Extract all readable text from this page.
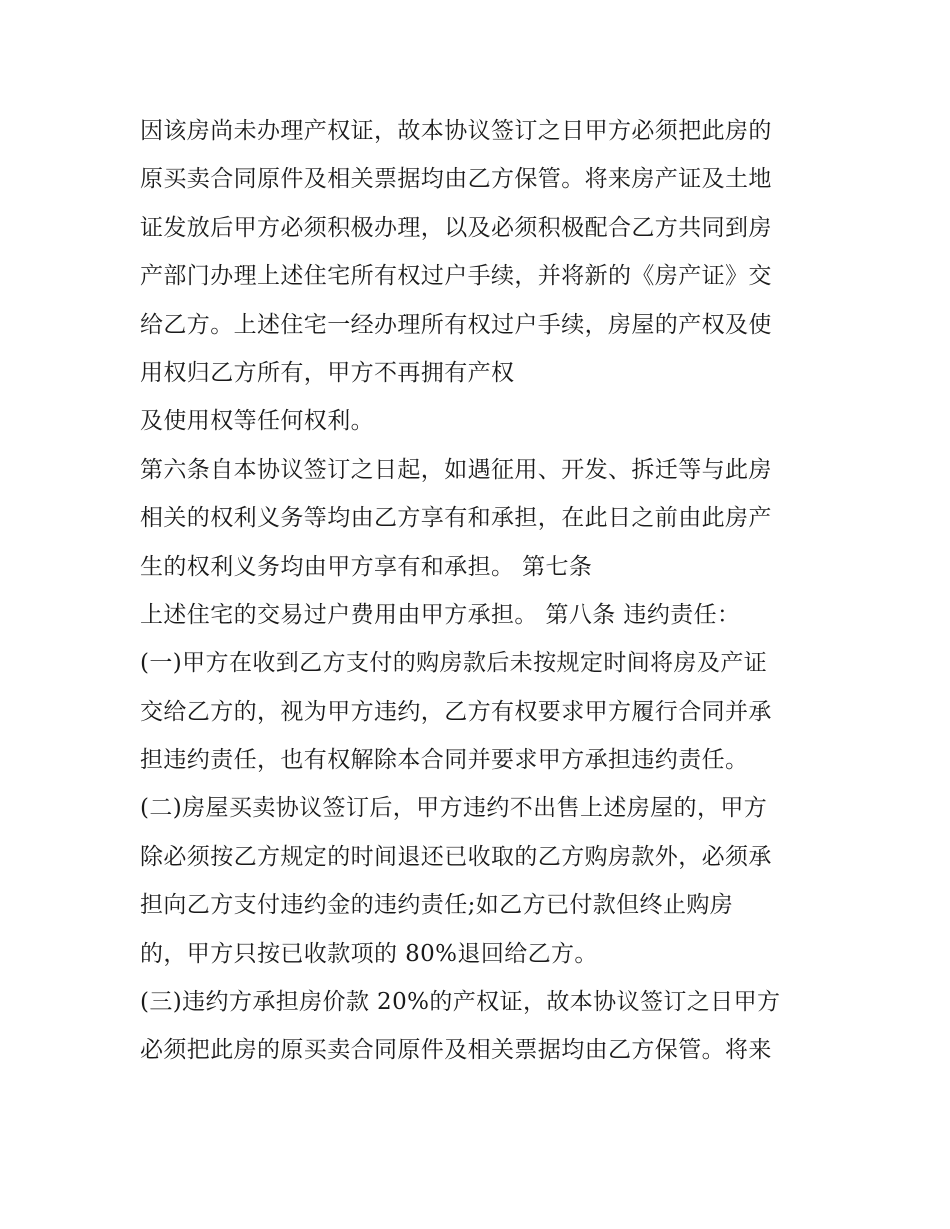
因该房尚未办理产权证，故本协议签订之日甲方必须把此房的
原买卖合同原件及相关票据均由乙方保管。将来房产证及土地
证发放后甲方必须积极办理，以及必须积极配合乙方共同到房
产部门办理上述住宅所有权过户手续，并将新的《房产证》交
给乙方。上述住宅一经办理所有权过户手续，房屋的产权及使
用权归乙方所有，甲方不再拥有产权
及使用权等任何权利。
第六条自本协议签订之日起，如遇征用、开发、拆迁等与此房
相关的权利义务等均由乙方享有和承担，在此日之前由此房产
生的权利义务均由甲方享有和承担。 第七条
上述住宅的交易过户费用由甲方承担。 第八条 违约责任：
(一)甲方在收到乙方支付的购房款后未按规定时间将房及产证
交给乙方的，视为甲方违约，乙方有权要求甲方履行合同并承
担违约责任，也有权解除本合同并要求甲方承担违约责任。
(二)房屋买卖协议签订后，甲方违约不出售上述房屋的，甲方
除必须按乙方规定的时间退还已收取的乙方购房款外，必须承
担向乙方支付违约金的违约责任;如乙方已付款但终止购房
的，甲方只按已收款项的 80%退回给乙方。
(三)违约方承担房价款 20%的产权证，故本协议签订之日甲方
必须把此房的原买卖合同原件及相关票据均由乙方保管。将来
